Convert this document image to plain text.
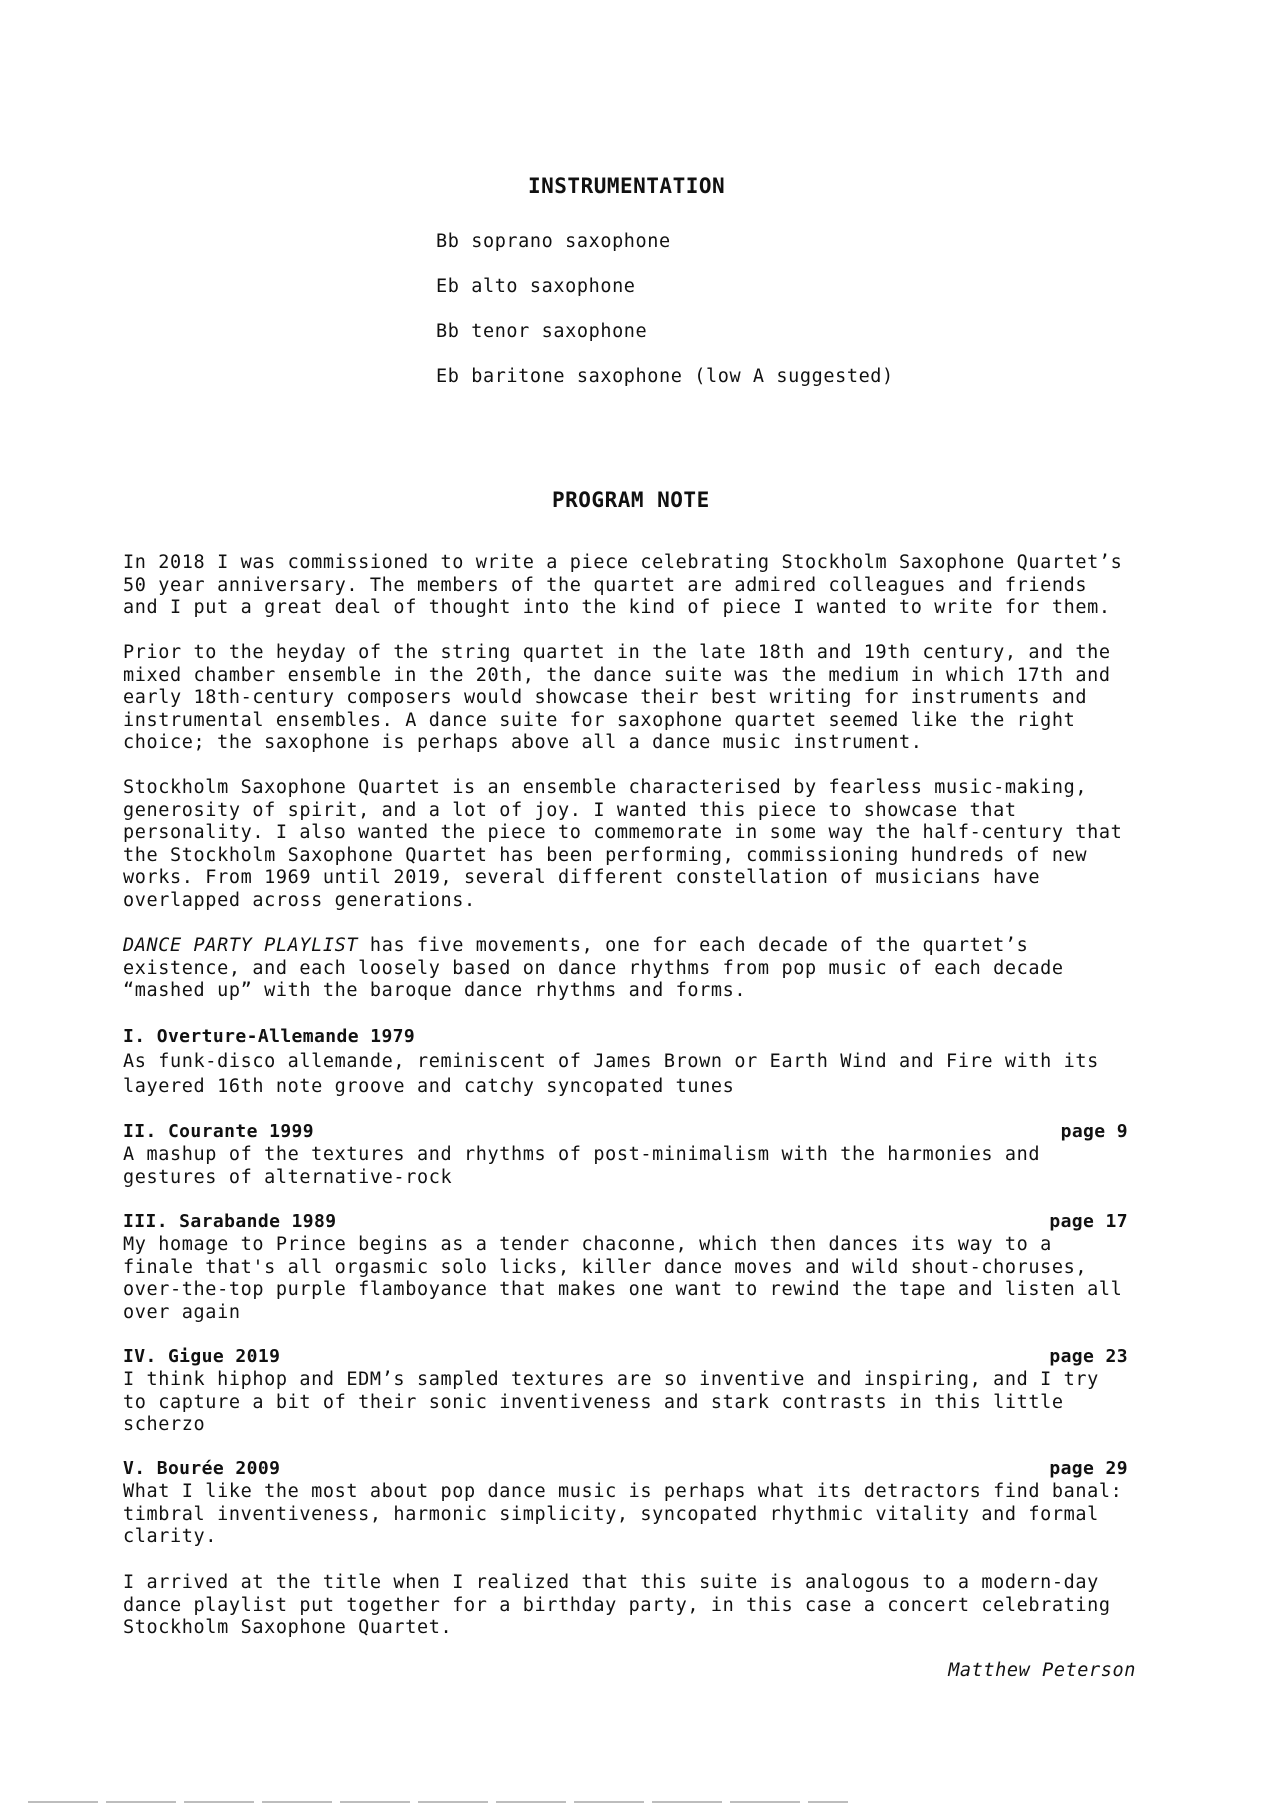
INSTRUMENTATION
Bb soprano saxophone
Eb alto saxophone
Bb tenor saxophone
Eb baritone saxophone (low A suggested)
PROGRAM NOTE

In 2018 I was commissioned to write a piece celebrating Stockholm Saxophone Quartet’s
50 year anniversary. The members of the quartet are admired colleagues and friends
and I put a great deal of thought into the kind of piece I wanted to write for them.

Prior to the heyday of the string quartet in the late 18th and 19th century, and the
mixed chamber ensemble in the 20th, the dance suite was the medium in which 17th and
early 18th-century composers would showcase their best writing for instruments and
instrumental ensembles. A dance suite for saxophone quartet seemed like the right
choice; the saxophone is perhaps above all a dance music instrument.

Stockholm Saxophone Quartet is an ensemble characterised by fearless music-making,
generosity of spirit, and a lot of joy. I wanted this piece to showcase that
personality. I also wanted the piece to commemorate in some way the half-century that
the Stockholm Saxophone Quartet has been performing, commissioning hundreds of new
works. From 1969 until 2019, several different constellation of musicians have
overlapped across generations.

DANCE PARTY PLAYLIST has five movements, one for each decade of the quartet’s
existence, and each loosely based on dance rhythms from pop music of each decade
“mashed up” with the baroque dance rhythms and forms.

I. Overture-Allemande 1979

As funk-disco allemande, reminiscent of James Brown or Earth Wind and Fire with its
layered 16th note groove and catchy syncopated tunes

II. Courante 1999	page 9

A mashup of the textures and rhythms of post-minimalism with the harmonies and
gestures of alternative-rock

III. Sarabande 1989	page 17

My homage to Prince begins as a tender chaconne, which then dances its way to a
finale that's all orgasmic solo licks, killer dance moves and wild shout-choruses,
over-the-top purple flamboyance that makes one want to rewind the tape and listen all
over again

IV. Gigue 2019	page 23

I think hiphop and EDM’s sampled textures are so inventive and inspiring, and I try
to capture a bit of their sonic inventiveness and stark contrasts in this little
scherzo

V. Bourée 2009	page 29

What I like the most about pop dance music is perhaps what its detractors find banal:
timbral inventiveness, harmonic simplicity, syncopated rhythmic vitality and formal
clarity.

I arrived at the title when I realized that this suite is analogous to a modern-day
dance playlist put together for a birthday party, in this case a concert celebrating
Stockholm Saxophone Quartet.

Matthew Peterson
